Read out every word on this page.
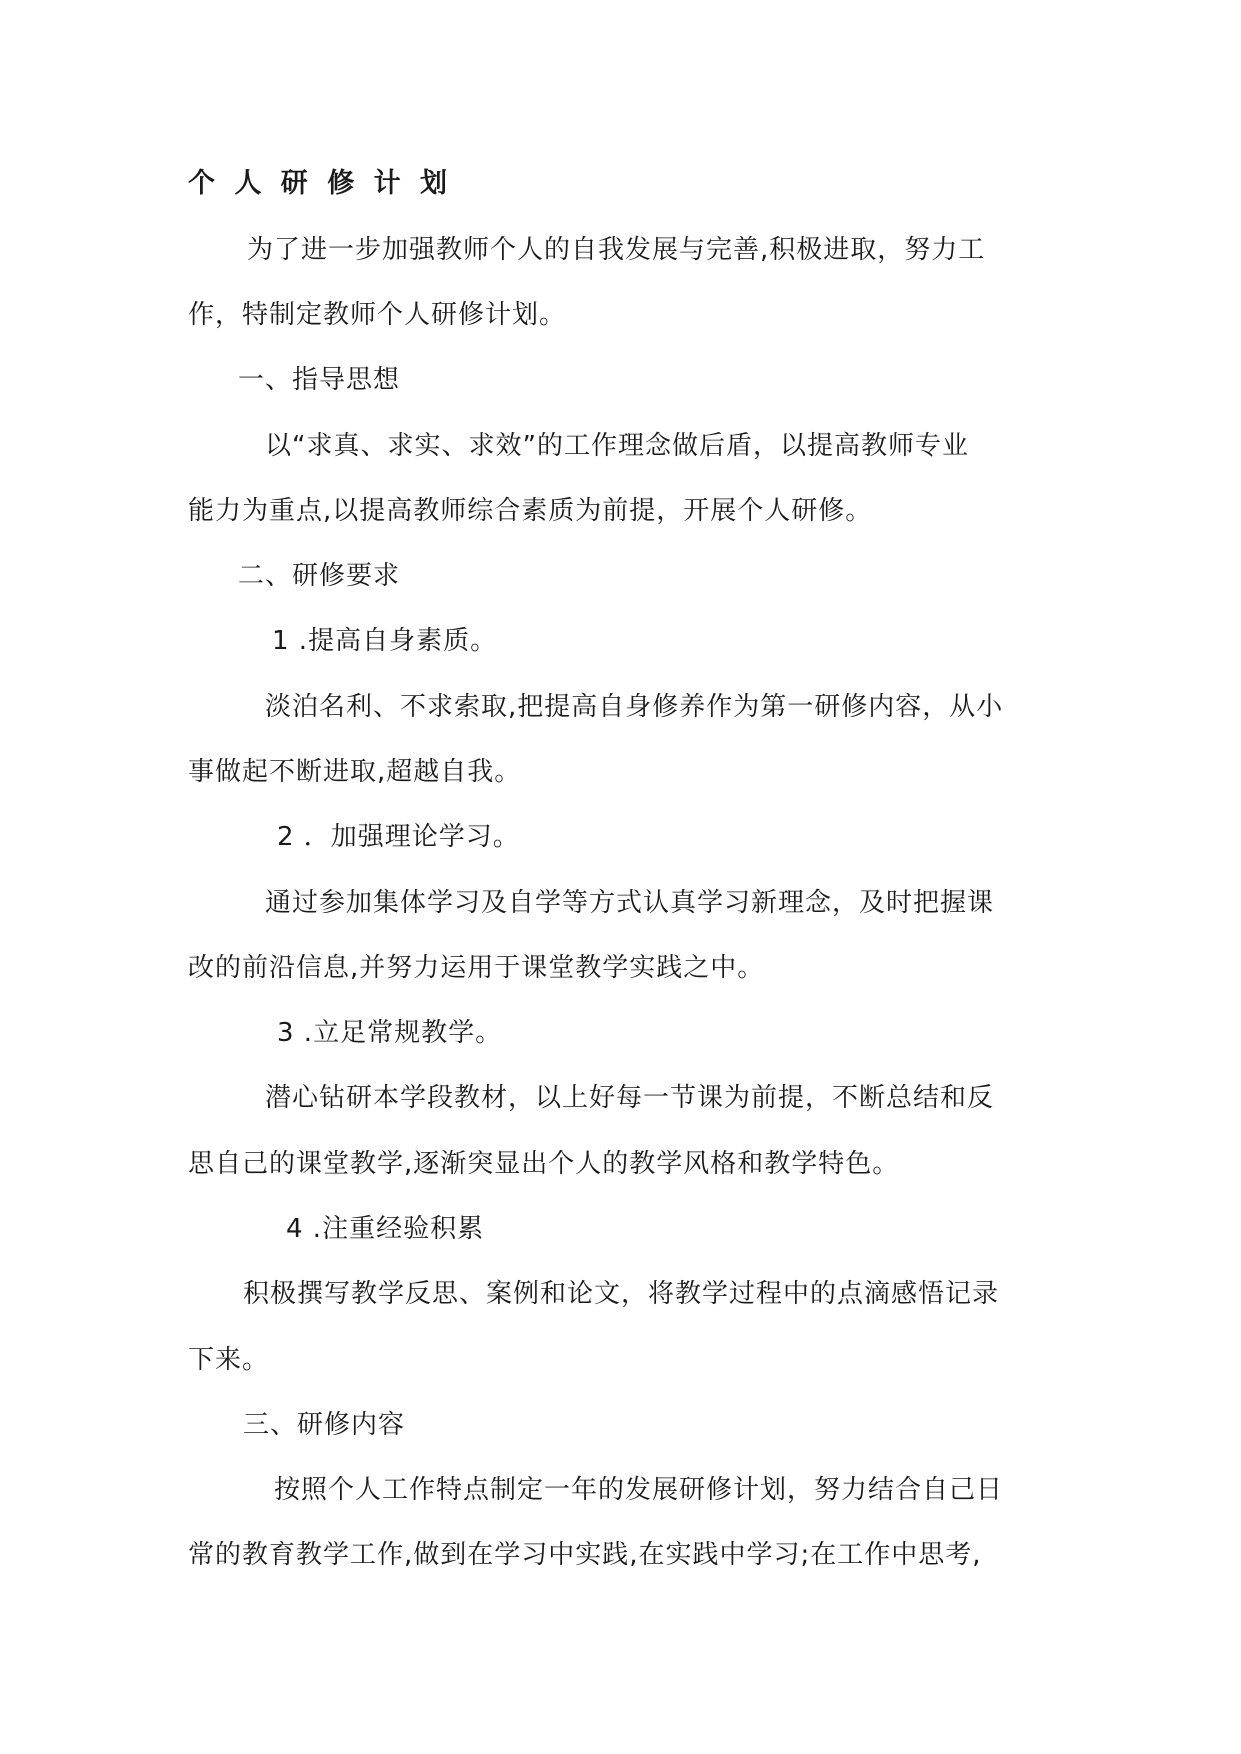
个 人 研 修 计 划
为了进一步加强教师个人的自我发展与完善,积极进取，努力工
作，特制定教师个人研修计划。
一、指导思想
以“求真、求实、求效”的工作理念做后盾，以提高教师专业
能力为重点,以提高教师综合素质为前提，开展个人研修。
二、研修要求
1 .提高自身素质。
淡泊名利、不求索取,把提高自身修养作为第一研修内容，从小
事做起不断进取,超越自我。
2 ．加强理论学习。
通过参加集体学习及自学等方式认真学习新理念，及时把握课
改的前沿信息,并努力运用于课堂教学实践之中。
3 .立足常规教学。
潜心钻研本学段教材，以上好每一节课为前提，不断总结和反
思自己的课堂教学,逐渐突显出个人的教学风格和教学特色。
4 .注重经验积累
积极撰写教学反思、案例和论文，将教学过程中的点滴感悟记录
下来。
三、研修内容
按照个人工作特点制定一年的发展研修计划，努力结合自己日
常的教育教学工作,做到在学习中实践,在实践中学习;在工作中思考,
